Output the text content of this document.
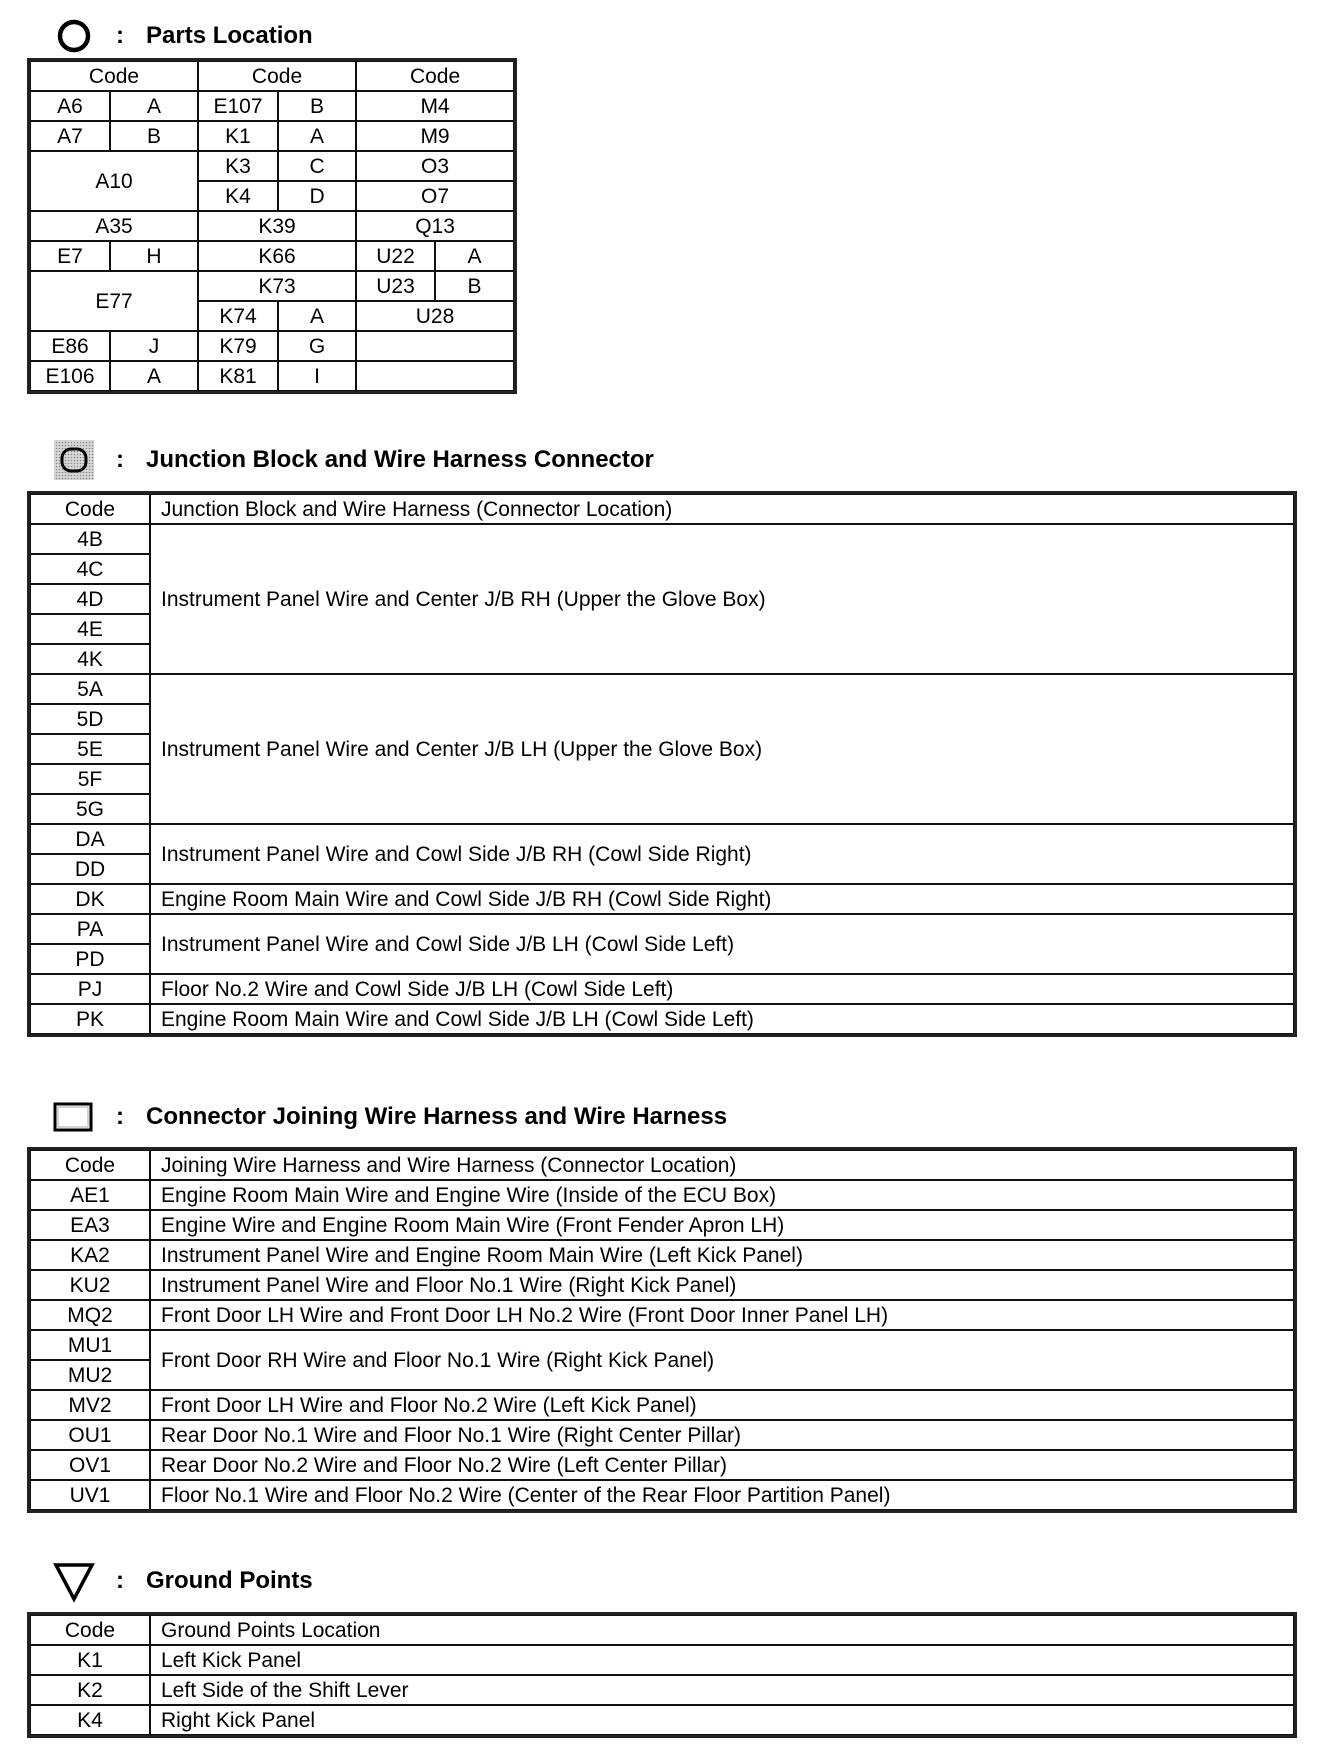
: Parts Location
Code		Code		Code	
A6	A	E107	B	M4	
A7	B	K1	A	M9	
A10		K3	C	O3	
		K4	D	O7	
A35		K39		Q13	
E7	H	K66		U22	A
E77		K73		U23	B
		K74	A	U28	
E86	J	K79	G		
E106	A	K81	I		
: Junction Block and Wire Harness Connector
Code	Junction Block and Wire Harness (Connector Location)
4B	Instrument Panel Wire and Center J/B RH (Upper the Glove Box)
4C	
4D	
4E	
4K	
5A	Instrument Panel Wire and Center J/B LH (Upper the Glove Box)
5D	
5E	
5F	
5G	
DA	Instrument Panel Wire and Cowl Side J/B RH (Cowl Side Right)
DD	
DK	Engine Room Main Wire and Cowl Side J/B RH (Cowl Side Right)
PA	Instrument Panel Wire and Cowl Side J/B LH (Cowl Side Left)
PD	
PJ	Floor No.2 Wire and Cowl Side J/B LH (Cowl Side Left)
PK	Engine Room Main Wire and Cowl Side J/B LH (Cowl Side Left)
: Connector Joining Wire Harness and Wire Harness
Code	Joining Wire Harness and Wire Harness (Connector Location)
AE1	Engine Room Main Wire and Engine Wire (Inside of the ECU Box)
EA3	Engine Wire and Engine Room Main Wire (Front Fender Apron LH)
KA2	Instrument Panel Wire and Engine Room Main Wire (Left Kick Panel)
KU2	Instrument Panel Wire and Floor No.1 Wire (Right Kick Panel)
MQ2	Front Door LH Wire and Front Door LH No.2 Wire (Front Door Inner Panel LH)
MU1	Front Door RH Wire and Floor No.1 Wire (Right Kick Panel)
MU2	
MV2	Front Door LH Wire and Floor No.2 Wire (Left Kick Panel)
OU1	Rear Door No.1 Wire and Floor No.1 Wire (Right Center Pillar)
OV1	Rear Door No.2 Wire and Floor No.2 Wire (Left Center Pillar)
UV1	Floor No.1 Wire and Floor No.2 Wire (Center of the Rear Floor Partition Panel)
: Ground Points
Code	Ground Points Location
K1	Left Kick Panel
K2	Left Side of the Shift Lever
K4	Right Kick Panel
